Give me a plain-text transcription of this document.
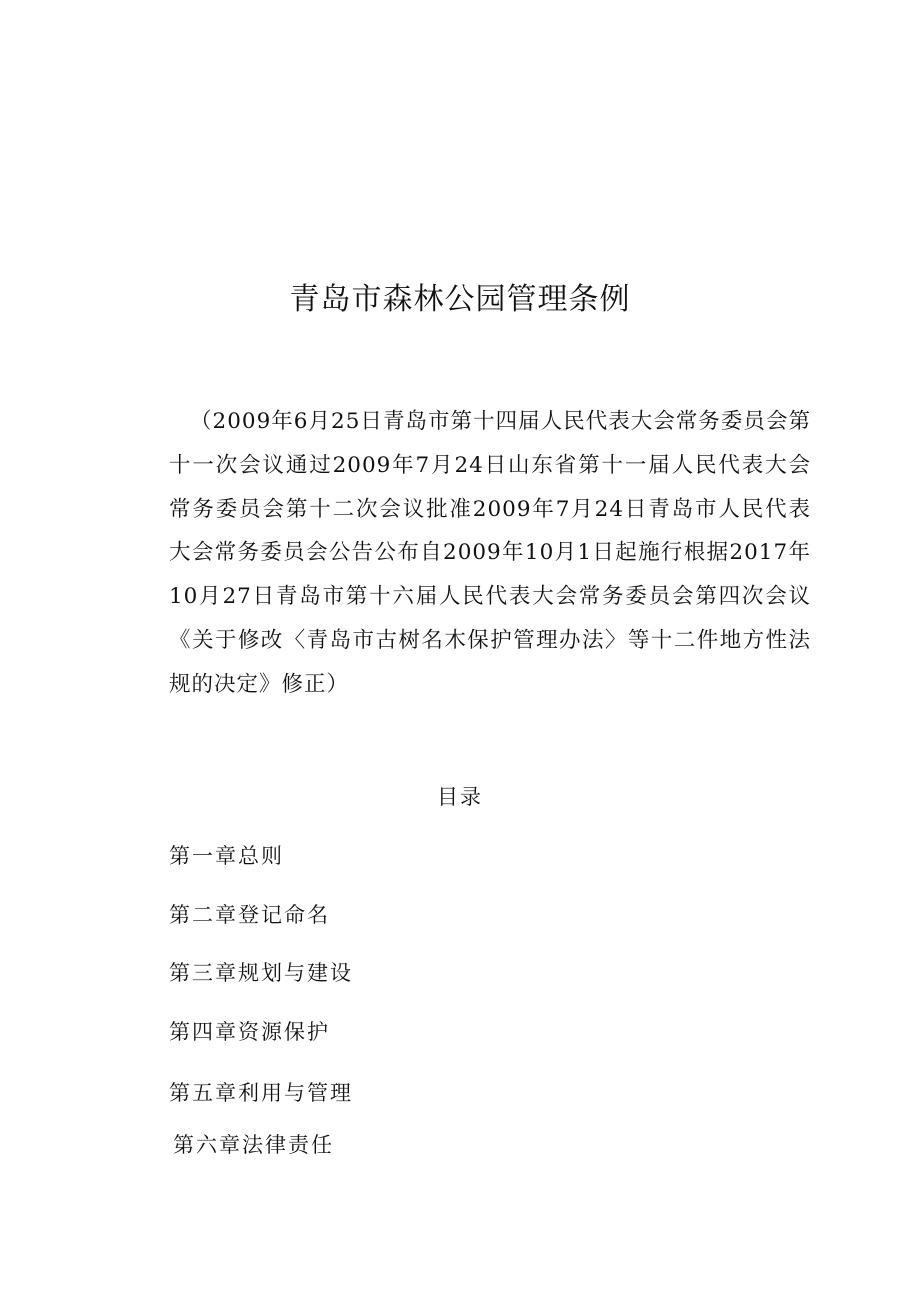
青岛市森林公园管理条例

（2009年6月25日青岛市第十四届人民代表大会常务委员会第十一次会议通过2009年7月24日山东省第十一届人民代表大会常务委员会第十二次会议批准2009年7月24日青岛市人民代表大会常务委员会公告公布自2009年10月1日起施行根据2017年10月27日青岛市第十六届人民代表大会常务委员会第四次会议《关于修改〈青岛市古树名木保护管理办法〉等十二件地方性法规的决定》修正）

目录
第一章总则
第二章登记命名
第三章规划与建设
第四章资源保护
第五章利用与管理
第六章法律责任
